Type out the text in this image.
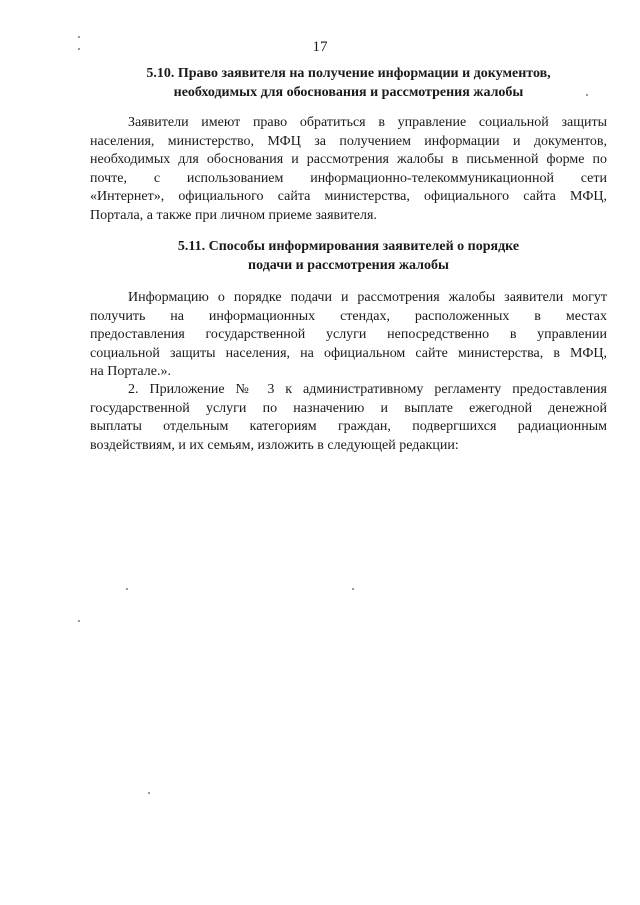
17
5.10. Право заявителя на получение информации и документов,
необходимых для обоснования и рассмотрения жалобы
Заявители имеют право обратиться в управление социальной защиты
населения, министерство, МФЦ за получением информации и документов,
необходимых для обоснования и рассмотрения жалобы в письменной форме по
почте, с использованием информационно-телекоммуникационной сети
«Интернет», официального сайта министерства, официального сайта МФЦ,
Портала, а также при личном приеме заявителя.
5.11. Способы информирования заявителей о порядке
подачи и рассмотрения жалобы
Информацию о порядке подачи и рассмотрения жалобы заявители могут
получить на информационных стендах, расположенных в местах
предоставления государственной услуги непосредственно в управлении
социальной защиты населения, на официальном сайте министерства, в МФЦ,
на Портале.».
2. Приложение № 3 к административному регламенту предоставления
государственной услуги по назначению и выплате ежегодной денежной
выплаты отдельным категориям граждан, подвергшихся радиационным
воздействиям, и их семьям, изложить в следующей редакции:
